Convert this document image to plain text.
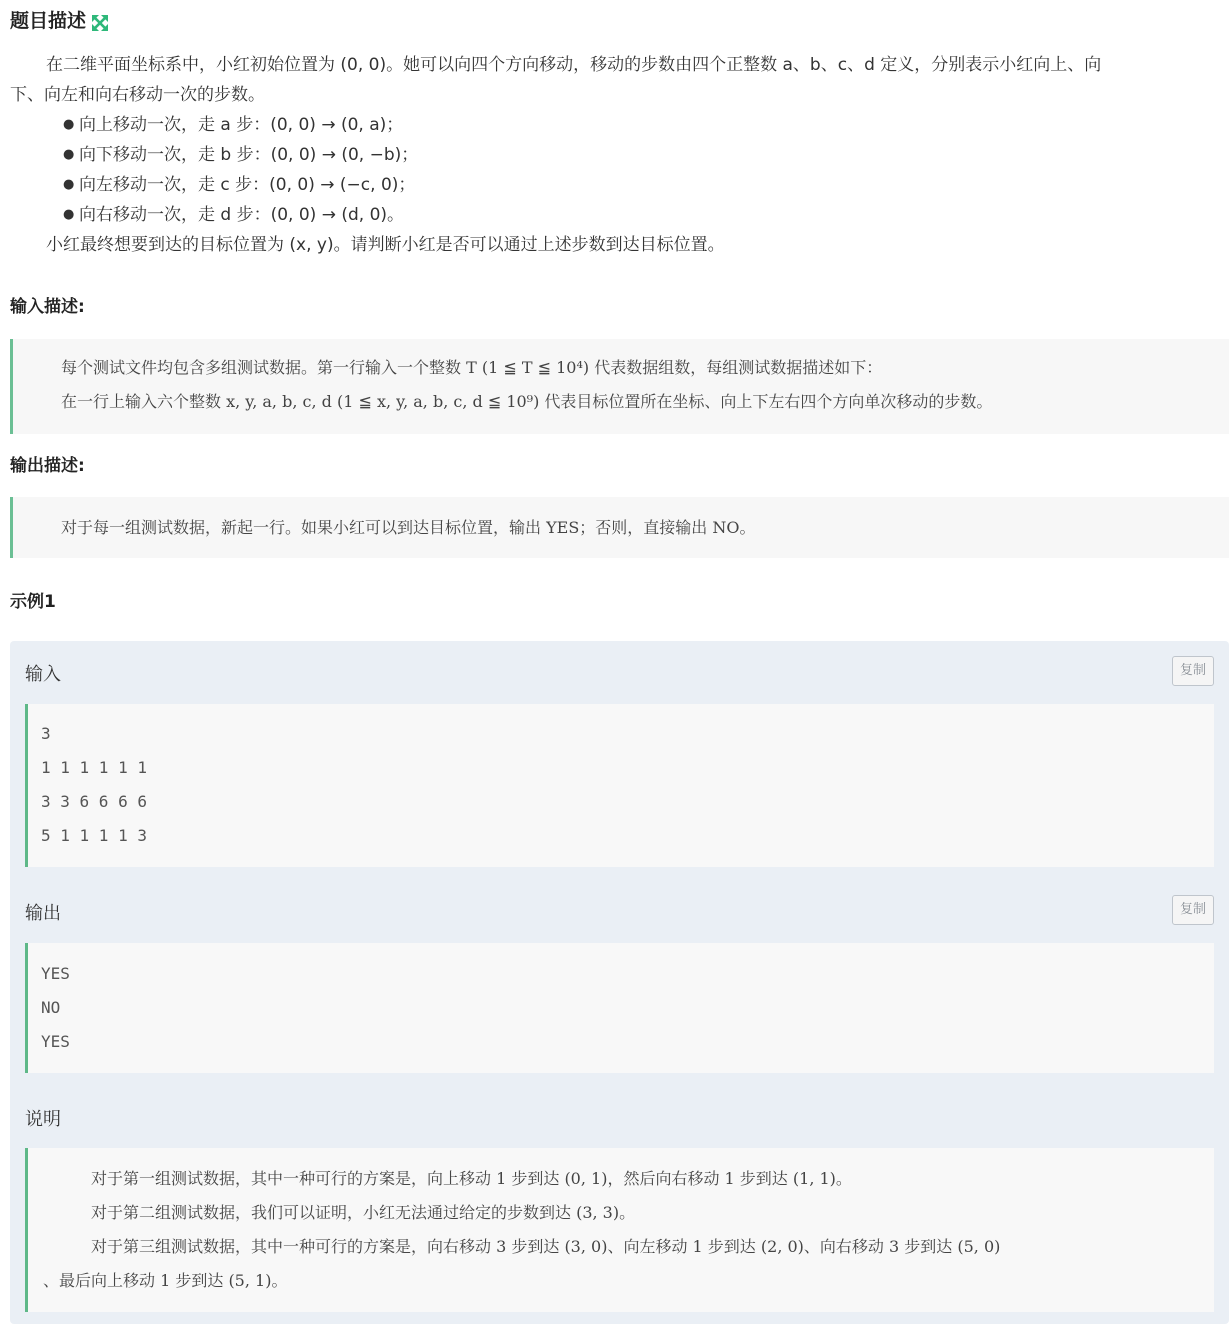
题目描述

在二维平面坐标系中，小红初始位置为 (0, 0)。她可以向四个方向移动，移动的步数由四个正整数 a、b、c、d 定义，分别表示小红向上、向

下、向左和向右移动一次的步数。

● 向上移动一次，走 a 步：(0, 0) → (0, a)；
● 向下移动一次，走 b 步：(0, 0) → (0, −b)；
● 向左移动一次，走 c 步：(0, 0) → (−c, 0)；
● 向右移动一次，走 d 步：(0, 0) → (d, 0)。

小红最终想要到达的目标位置为 (x, y)。请判断小红是否可以通过上述步数到达目标位置。

输入描述:

每个测试文件均包含多组测试数据。第一行输入一个整数 T (1 ≦ T ≦ 10⁴) 代表数据组数，每组测试数据描述如下：

在一行上输入六个整数 x, y, a, b, c, d (1 ≦ x, y, a, b, c, d ≦ 10⁹) 代表目标位置所在坐标、向上下左右四个方向单次移动的步数。

输出描述:

对于每一组测试数据，新起一行。如果小红可以到达目标位置，输出 YES；否则，直接输出 NO。

示例1
输入	复制
3
1 1 1 1 1 1
3 3 6 6 6 6
5 1 1 1 1 3
输出	复制
YES
NO
YES
说明

对于第一组测试数据，其中一种可行的方案是，向上移动 1 步到达 (0, 1)，然后向右移动 1 步到达 (1, 1)。

对于第二组测试数据，我们可以证明，小红无法通过给定的步数到达 (3, 3)。

对于第三组测试数据，其中一种可行的方案是，向右移动 3 步到达 (3, 0)、向左移动 1 步到达 (2, 0)、向右移动 3 步到达 (5, 0)

、最后向上移动 1 步到达 (5, 1)。
